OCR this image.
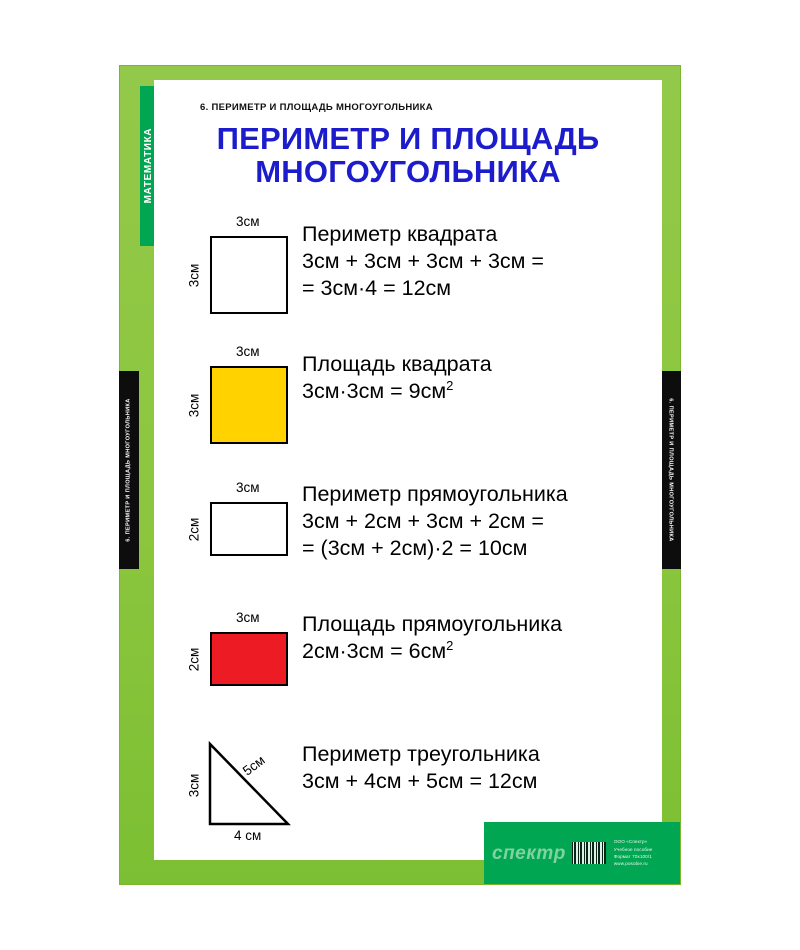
6. ПЕРИМЕТР И ПЛОЩАДЬ МНОГОУГОЛЬНИКА	6. ПЕРИМЕТР И ПЛОЩАДЬ МНОГОУГОЛЬНИКА
МАТЕМАТИКА
6. ПЕРИМЕТР И ПЛОЩАДЬ МНОГОУГОЛЬНИКА
ПЕРИМЕТР И ПЛОЩАДЬ
МНОГОУГОЛЬНИКА
3см
3см
Периметр квадрата
3см + 3см + 3см + 3см =
= 3см·4 = 12см
3см
3см
Площадь квадрата
$3см\cdot 3см = 9см^2$
3см
2см
Периметр прямоугольника
3см + 2см + 3см + 2см =
= (3см + 2см)·2 = 10см
3см
2см
Площадь прямоугольника
$2см\cdot 3см = 6см^2$
5см
3см
4 см
Периметр треугольника
3см + 4см + 5см = 12см
спектр
ООО «Спектр»
Учебное пособие
Формат 70х100/1
www.posobie.ru
